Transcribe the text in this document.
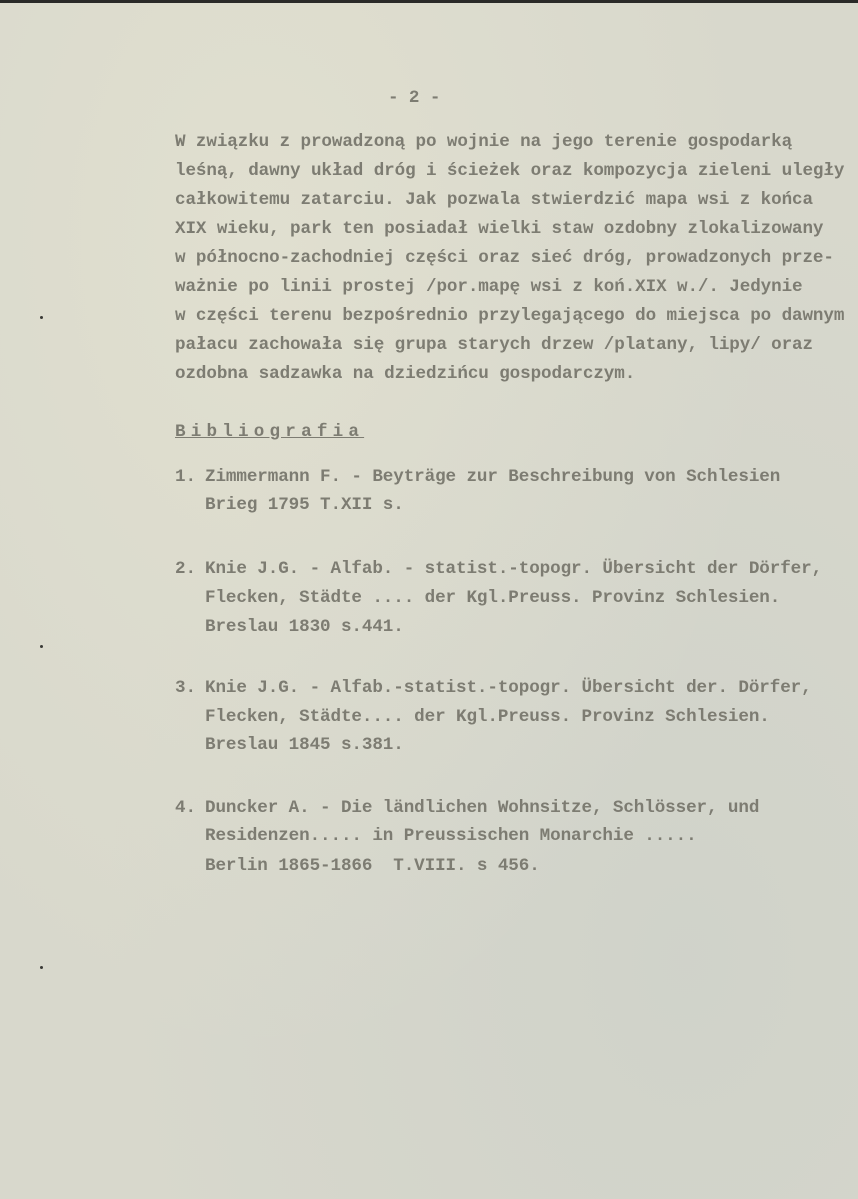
- 2 -
W związku z prowadzoną po wojnie na jego terenie gospodarką
leśną, dawny układ dróg i ścieżek oraz kompozycja zieleni uległy
całkowitemu zatarciu. Jak pozwala stwierdzić mapa wsi z końca
XIX wieku, park ten posiadał wielki staw ozdobny zlokalizowany
w północno-zachodniej części oraz sieć dróg, prowadzonych prze-
ważnie po linii prostej /por.mapę wsi z koń.XIX w./. Jedynie
w części terenu bezpośrednio przylegającego do miejsca po dawnym
pałacu zachowała się grupa starych drzew /platany, lipy/ oraz
ozdobna sadzawka na dziedzińcu gospodarczym.
Bibliografia
1. Zimmermann F. - Beyträge zur Beschreibung von Schlesien
Brieg 1795 T.XII s.
2. Knie J.G. - Alfab. - statist.-topogr. Übersicht der Dörfer,
Flecken, Städte .... der Kgl.Preuss. Provinz Schlesien.
Breslau 1830 s.441.
3. Knie J.G. - Alfab.-statist.-topogr. Übersicht der. Dörfer,
Flecken, Städte.... der Kgl.Preuss. Provinz Schlesien.
Breslau 1845 s.381.
4. Duncker A. - Die ländlichen Wohnsitze, Schlösser, und
Residenzen..... in Preussischen Monarchie .....
Berlin 1865-1866  T.VIII. s 456.
